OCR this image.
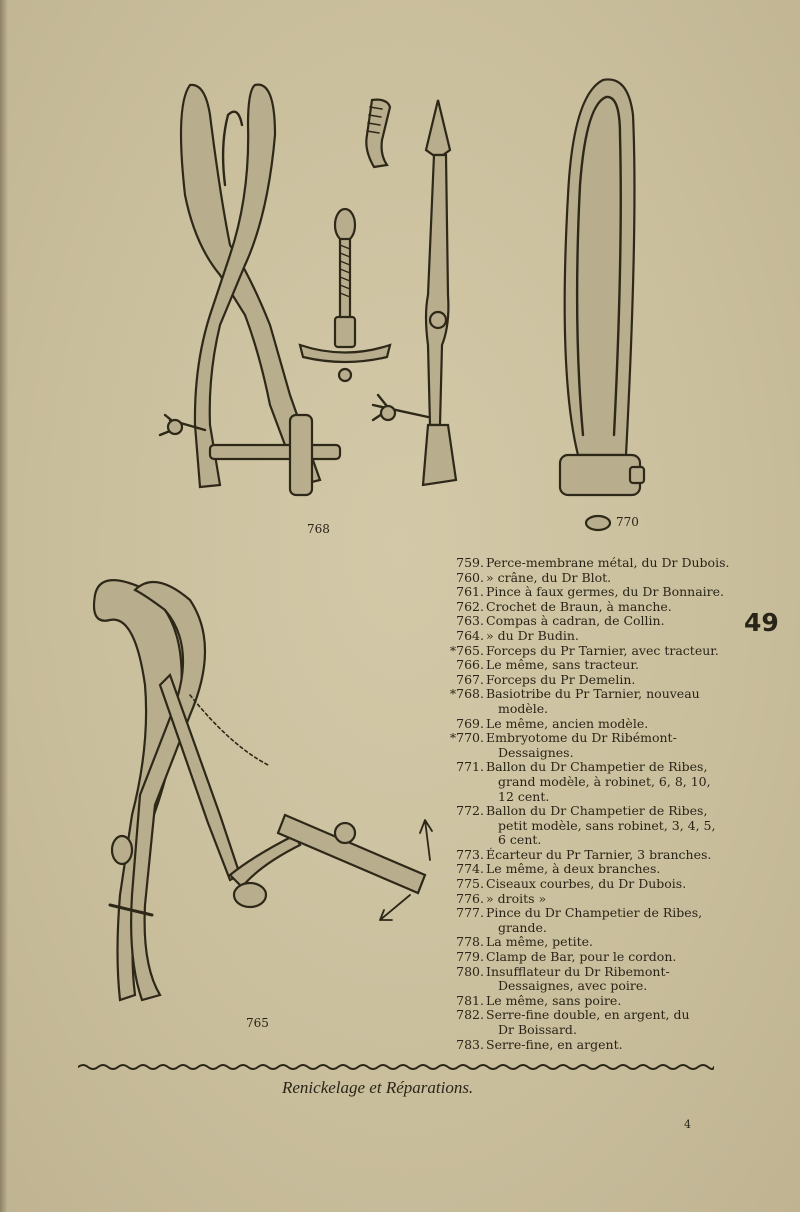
768	770
765
759. Perce-membrane métal, du Dr Dubois.
760. » crâne, du Dr Blot.
761. Pince à faux germes, du Dr Bonnaire.
762. Crochet de Braun, à manche.
763. Compas à cadran, de Collin.
764. » du Dr Budin.
*765. Forceps du Pr Tarnier, avec tracteur.
766. Le même, sans tracteur.
767. Forceps du Pr Demelin.
*768. Basiotribe du Pr Tarnier, nouveau
modèle.
769. Le même, ancien modèle.
*770. Embryotome du Dr Ribémont-
Dessaignes.
771. Ballon du Dr Champetier de Ribes,
grand modèle, à robinet, 6, 8, 10,
12 cent.
772. Ballon du Dr Champetier de Ribes,
petit modèle, sans robinet, 3, 4, 5,
6 cent.
773. Écarteur du Pr Tarnier, 3 branches.
774. Le même, à deux branches.
775. Ciseaux courbes, du Dr Dubois.
776. » droits »
777. Pince du Dr Champetier de Ribes,
grande.
778. La même, petite.
779. Clamp de Bar, pour le cordon.
780. Insufflateur du Dr Ribemont-
Dessaignes, avec poire.
781. Le même, sans poire.
782. Serre-fine double, en argent, du
Dr Boissard.
783. Serre-fine, en argent.
49
Renickelage et Réparations.
4
